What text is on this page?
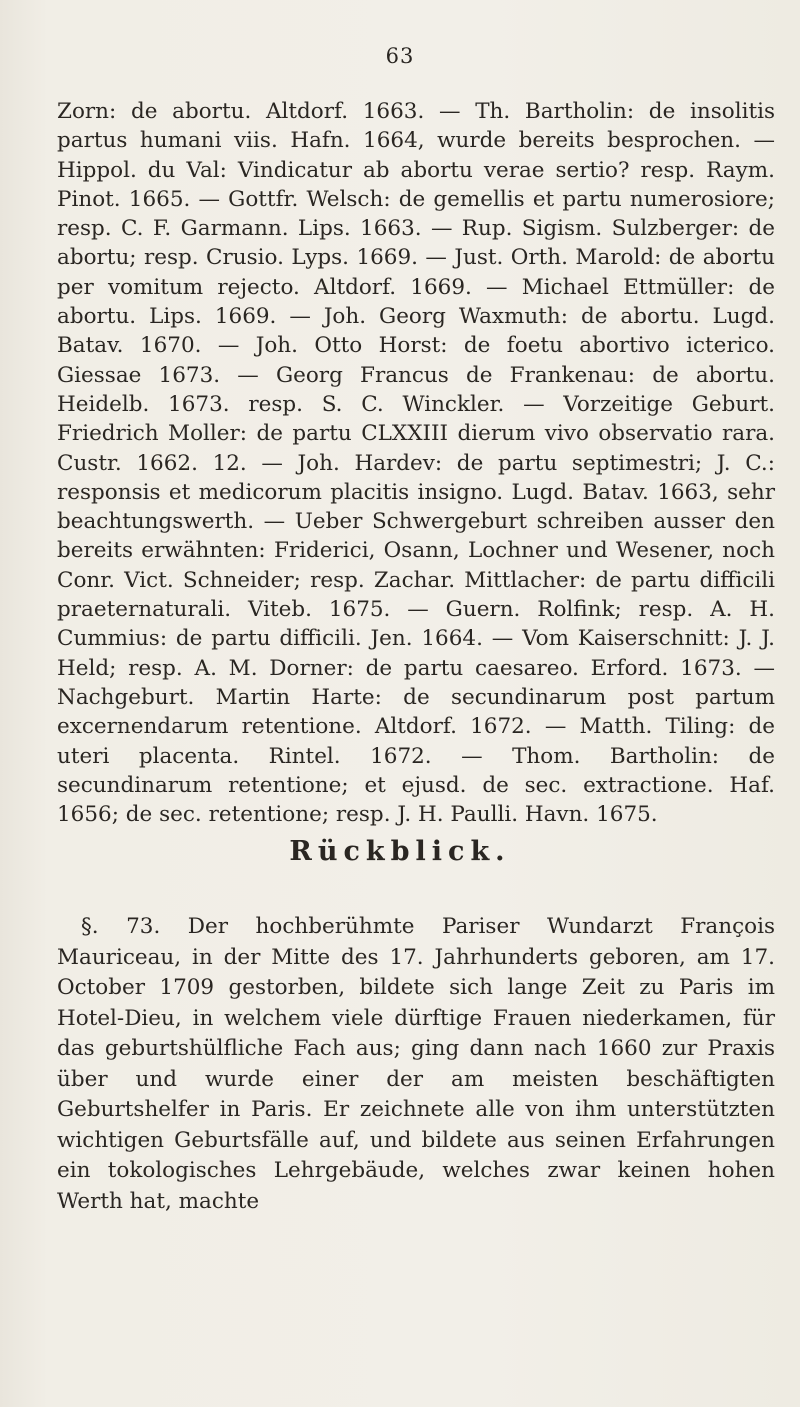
63

Zorn: de abortu. Altdorf. 1663. — Th. Bartholin: de insolitis partus humani viis. Hafn. 1664, wurde bereits besprochen. — Hippol. du Val: Vindicatur ab abortu verae sertio? resp. Raym. Pinot. 1665. — Gottfr. Welsch: de gemellis et partu numerosiore; resp. C. F. Garmann. Lips. 1663. — Rup. Sigism. Sulzberger: de abortu; resp. Crusio. Lyps. 1669. — Just. Orth. Marold: de abortu per vomitum rejecto. Altdorf. 1669. — Michael Ettmüller: de abortu. Lips. 1669. — Joh. Georg Waxmuth: de abortu. Lugd. Batav. 1670. — Joh. Otto Horst: de foetu abortivo icterico. Giessae 1673. — Georg Francus de Frankenau: de abortu. Heidelb. 1673. resp. S. C. Winckler. — Vorzeitige Geburt. Friedrich Moller: de partu CLXXIII dierum vivo observatio rara. Custr. 1662. 12. — Joh. Hardev: de partu septimestri; J. C.: responsis et medicorum placitis insigno. Lugd. Batav. 1663, sehr beachtungswerth. — Ueber Schwergeburt schreiben ausser den bereits erwähnten: Friderici, Osann, Lochner und Wesener, noch Conr. Vict. Schneider; resp. Zachar. Mittlacher: de partu difficili praeternaturali. Viteb. 1675. — Guern. Rolfink; resp. A. H. Cummius: de partu difficili. Jen. 1664. — Vom Kaiserschnitt: J. J. Held; resp. A. M. Dorner: de partu caesareo. Erford. 1673. — Nachgeburt. Martin Harte: de secundinarum post partum excernendarum retentione. Altdorf. 1672. — Matth. Tiling: de uteri placenta. Rintel. 1672. — Thom. Bartholin: de secundinarum retentione; et ejusd. de sec. extractione. Haf. 1656; de sec. retentione; resp. J. H. Paulli. Havn. 1675.

Rückblick.

§. 73. Der hochberühmte Pariser Wundarzt François Mauriceau, in der Mitte des 17. Jahrhunderts geboren, am 17. October 1709 gestorben, bildete sich lange Zeit zu Paris im Hotel-Dieu, in welchem viele dürftige Frauen niederkamen, für das geburtshülfliche Fach aus; ging dann nach 1660 zur Praxis über und wurde einer der am meisten beschäftigten Geburtshelfer in Paris. Er zeichnete alle von ihm unterstützten wichtigen Geburtsfälle auf, und bildete aus seinen Erfahrungen ein tokologisches Lehrgebäude, welches zwar keinen hohen Werth hat, machte
